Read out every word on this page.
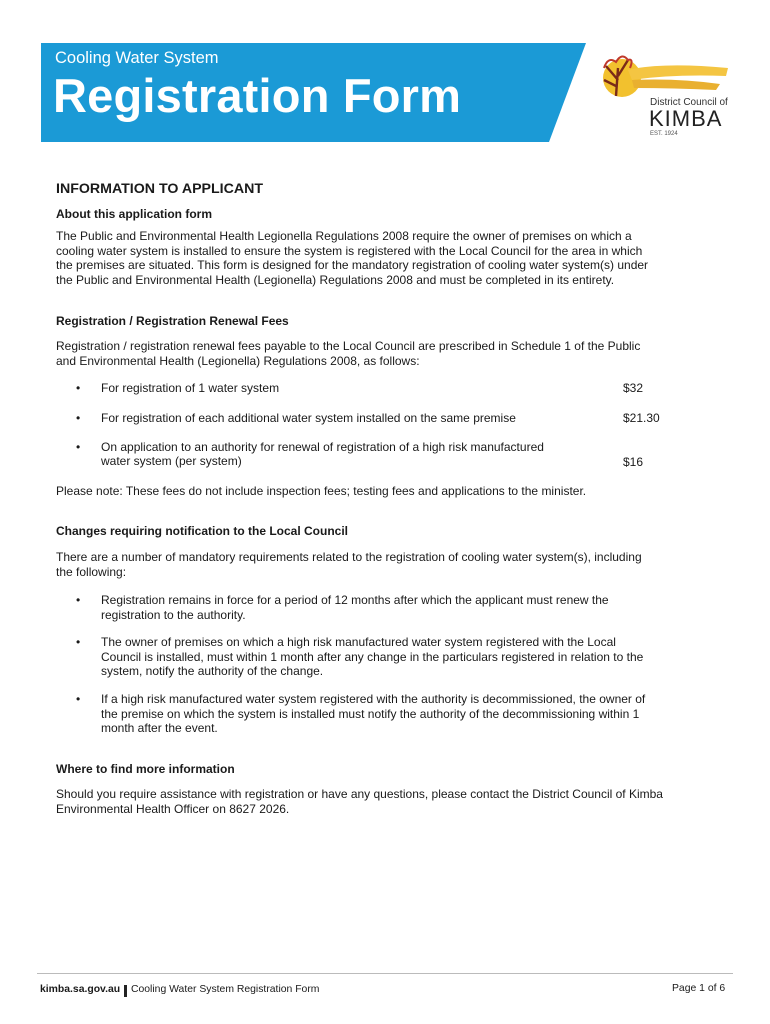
Cooling Water System
Registration Form	District Council of
KIMBA
EST. 1924
INFORMATION TO APPLICANT
About this application form

The Public and Environmental Health Legionella Regulations 2008 require the owner of premises on which a
cooling water system is installed to ensure the system is registered with the Local Council for the area in which
the premises are situated. This form is designed for the mandatory registration of cooling water system(s) under
the Public and Environmental Health (Legionella) Regulations 2008 and must be completed in its entirety.

Registration / Registration Renewal Fees

Registration / registration renewal fees payable to the Local Council are prescribed in Schedule 1 of the Public
and Environmental Health (Legionella) Regulations 2008, as follows:

• For registration of 1 water system	$32
• For registration of each additional water system installed on the same premise	$21.30
• On application to an authority for renewal of registration of a high risk manufactured
water system (per system)	$16

Please note: These fees do not include inspection fees; testing fees and applications to the minister.

Changes requiring notification to the Local Council

There are a number of mandatory requirements related to the registration of cooling water system(s), including
the following:

• Registration remains in force for a period of 12 months after which the applicant must renew the
registration to the authority.
• The owner of premises on which a high risk manufactured water system registered with the Local
Council is installed, must within 1 month after any change in the particulars registered in relation to the
system, notify the authority of the change.
• If a high risk manufactured water system registered with the authority is decommissioned, the owner of
the premise on which the system is installed must notify the authority of the decommissioning within 1
month after the event.
Where to find more information

Should you require assistance with registration or have any questions, please contact the District Council of Kimba
Environmental Health Officer on 8627 2026.

kimba.sa.gov.au Cooling Water System Registration Form	Page 1 of 6
